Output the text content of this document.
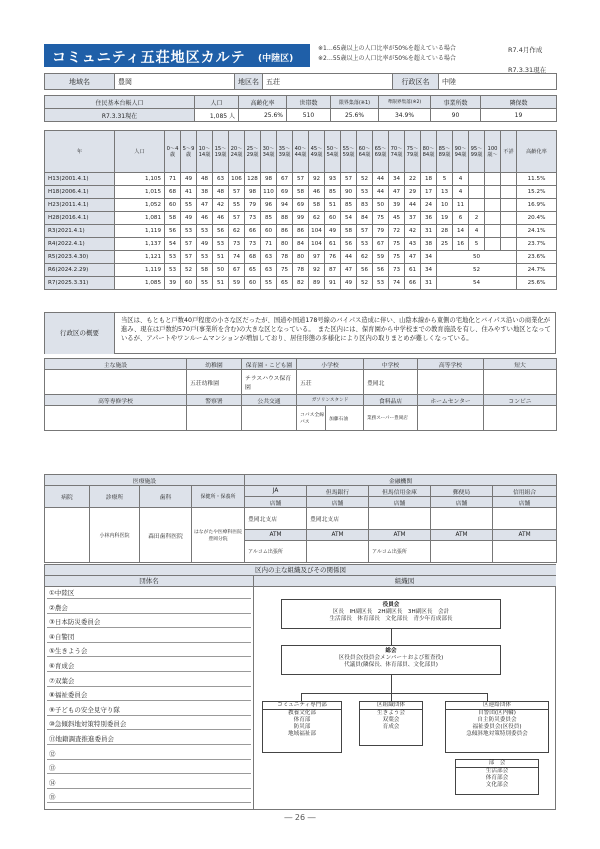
コミュニティ五荘地区カルテ (中陸区)
※1…65歳以上の人口比率が50%を超えている場合
※2…55歳以上の人口比率が50%を超えている場合
R7.4月作成
R7.3.31現在
地域名	豊岡	地区名	五荘	行政区名	中陸
住民基本台帳人口	人口	高齢化率	世帯数	限界集落(※1)	準限界集落(※2)	事業所数	隣保数
R7.3.31現在	1,085 人	25.6%	510	25.6%	34.9%	90	19
年	人口	0〜4歳	5〜9歳	10〜14歳	15〜19歳	20〜24歳	25〜29歳	30〜34歳	35〜39歳	40〜44歳	45〜49歳	50〜54歳	55〜59歳	60〜64歳	65〜69歳	70〜74歳	75〜79歳	80〜84歳	85〜89歳	90〜94歳	95〜99歳	100歳〜	不詳	高齢化率
H13(2001.4.1)	1,105	71	49	48	63	106	128	98	67	57	92	93	57	52	44	34	22	18	5	4				11.5%
H18(2006.4.1)	1,015	68	41	38	48	57	98	110	69	58	46	85	90	53	44	47	29	17	13	4				15.2%
H23(2011.4.1)	1,052	60	55	47	42	55	79	96	94	69	58	51	85	83	50	39	44	24	10	11				16.9%
H28(2016.4.1)	1,081	58	49	46	46	57	73	85	88	99	62	60	54	84	75	45	37	36	19	6	2			20.4%
R3(2021.4.1)	1,119	56	53	53	56	62	66	60	86	86	104	49	58	57	79	72	42	31	28	14	4			24.1%
R4(2022.4.1)	1,137	54	57	49	53	73	73	71	80	84	104	61	56	53	67	75	43	38	25	16	5			23.7%
R5(2023.4.30)	1,121	53	57	53	51	74	68	63	78	80	97	76	44	62	59	75	47	34	50					23.6%
R6(2024.2.29)	1,119	53	52	58	50	67	65	63	75	78	92	87	47	56	56	73	61	34	52					24.7%
R7(2025.3.31)	1,085	39	60	55	51	59	60	55	65	82	89	91	49	52	53	74	66	31	54					25.6%
行政区の概要
当区は、もともと戸数40戸程度の小さな区だったが、国道や国道178号線のバイパス造成に伴い、山陰本線から東側の宅地化とバイパス沿いの商業化が進み、現在は戸数約570戸(事業所を含む)の大きな区となっている。　また区内には、保育園から中学校までの教育施設を有し、住みやすい地区となっているが、アパートやワンルームマンションが増加しており、居住形態の多様化により区内の取りまとめが難しくなっている。
主な施設	幼稚園	保育園・こども園	小学校		中学校	高等学校	短大
	五荘幼稚園	テラスハウス保育園	五荘		豊岡北		
高等専修学校	警察署	公共交通	ガソリンスタンド		食料品店	ホームセンター	コンビニ
			コバス全線バス	加藤石油	業務スーパー豊岡店		
医療施設				金融機関				
病院	診療所	歯科	保健所・保養所	JA	但馬銀行	但馬信用金庫	郵便局	信用組合
				店舗	店舗	店舗	店舗	店舗
	小林内科医院	森田歯科医院	はながたや医療科医院豊岡分院	豊岡北支店	豊岡北支店			
				ATM	ATM	ATM	ATM	ATM
				アルコム出張所		アルコム出張所		
区内の主な組織及びその関係図
団体名	組織図
①中陸区
②農会
③日本防災委員会
④自警団
⑤生きよう会
⑥育成会
⑦双葉会
⑧福祉委員会
⑨子どもの安全見守り隊
⑩急傾斜地対策特別委員会
⑪地籍調査推進委員会
⑫
⑬
⑭
⑮
役員会
区長　IH副区長　2H副区長　3H副区長　会計
生活部長　体育部長　文化部長　青少年育成部長
総会
区役員会(役員会メンバー＋および監査役)
代議員(隣保長、体育部員、文化部員)
コミュニティ専門部
教養文化部
体育部
防災部
地域福祉部
区組織団体
生きよう会
双葉会
育成会
区連絡団体
自警団(区内輪)
自主防災委員会
福祉委員会(区役員)
急傾斜地対策特別委員会
部　会
生活部会
体育部会
文化部会
― 26 ―
